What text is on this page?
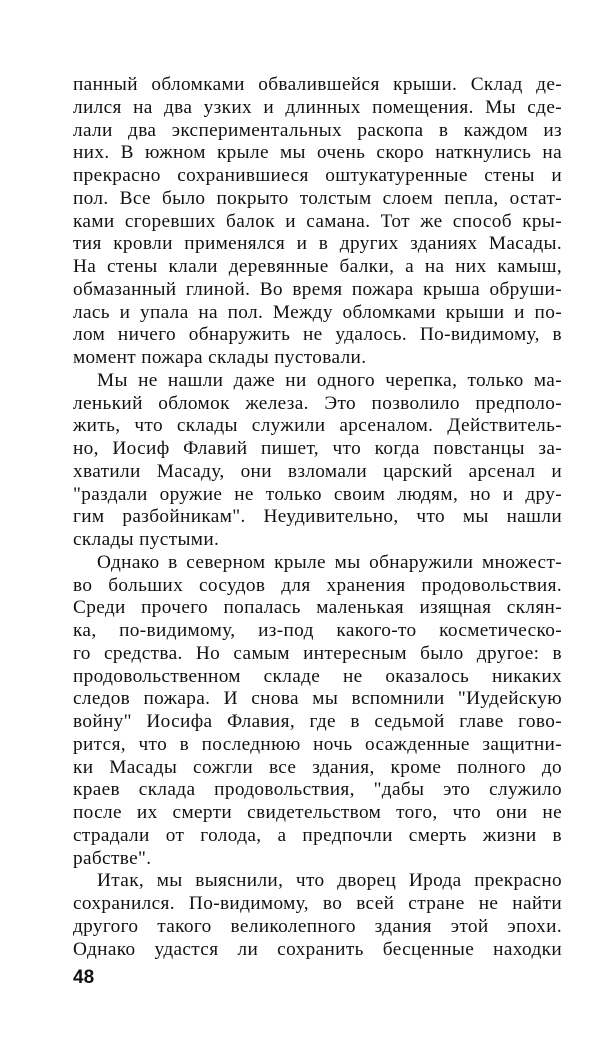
панный обломками обвалившейся крыши. Склад де-
лился на два узких и длинных помещения. Мы сде-
лали два экспериментальных раскопа в каждом из
них. В южном крыле мы очень скоро наткнулись на
прекрасно сохранившиеся оштукатуренные стены и
пол. Все было покрыто толстым слоем пепла, остат-
ками сгоревших балок и самана. Тот же способ кры-
тия кровли применялся и в других зданиях Масады.
На стены клали деревянные балки, а на них камыш,
обмазанный глиной. Во время пожара крыша обруши-
лась и упала на пол. Между обломками крыши и по-
лом ничего обнаружить не удалось. По-видимому, в
момент пожара склады пустовали.
Мы не нашли даже ни одного черепка, только ма-
ленький обломок железа. Это позволило предполо-
жить, что склады служили арсеналом. Действитель-
но, Иосиф Флавий пишет, что когда повстанцы за-
хватили Масаду, они взломали царский арсенал и
"раздали оружие не только своим людям, но и дру-
гим разбойникам". Неудивительно, что мы нашли
склады пустыми.
Однако в северном крыле мы обнаружили множест-
во больших сосудов для хранения продовольствия.
Среди прочего попалась маленькая изящная склян-
ка, по-видимому, из-под какого-то косметическо-
го средства. Но самым интересным было другое: в
продовольственном складе не оказалось никаких
следов пожара. И снова мы вспомнили "Иудейскую
войну" Иосифа Флавия, где в седьмой главе гово-
рится, что в последнюю ночь осажденные защитни-
ки Масады сожгли все здания, кроме полного до
краев склада продовольствия, "дабы это служило
после их смерти свидетельством того, что они не
страдали от голода, а предпочли смерть жизни в
рабстве".
Итак, мы выяснили, что дворец Ирода прекрасно
сохранился. По-видимому, во всей стране не найти
другого такого великолепного здания этой эпохи.
Однако удастся ли сохранить бесценные находки
48
